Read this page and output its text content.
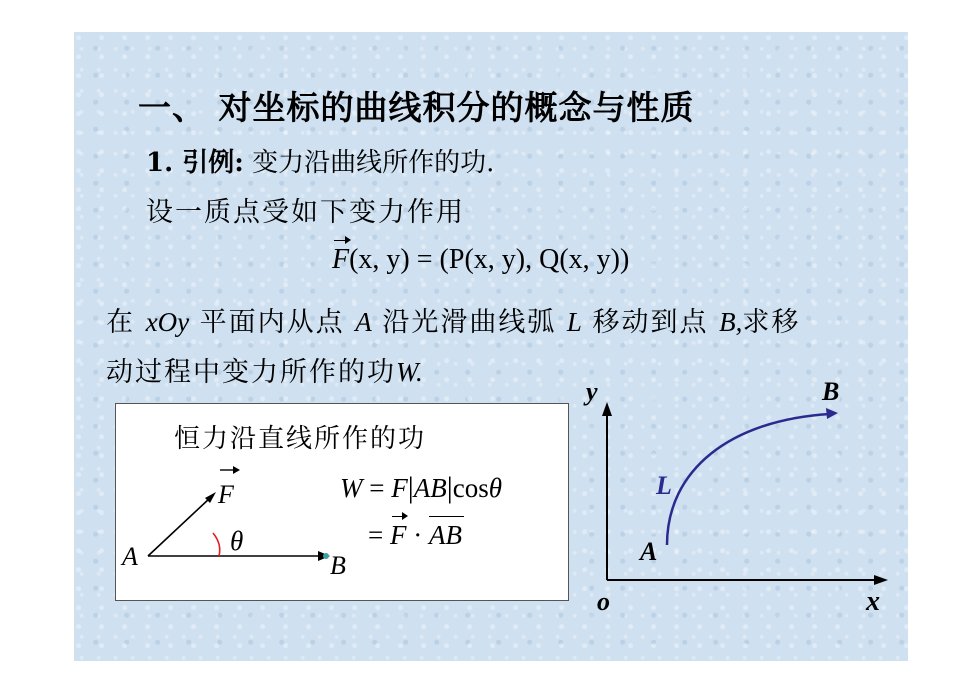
一、 对坐标的曲线积分的概念与性质
1. 引例: 变力沿曲线所作的功.
设一质点受如下变力作用
F(x, y) = (P(x, y), Q(x, y))
在 xOy 平面内从点 A 沿光滑曲线弧 L 移动到点 B,求移
动过程中变力所作的功W.
恒力沿直线所作的功
W = F|AB|cosθ
= F · AB
F
θ
A	B
y
x
o
L
A
B
